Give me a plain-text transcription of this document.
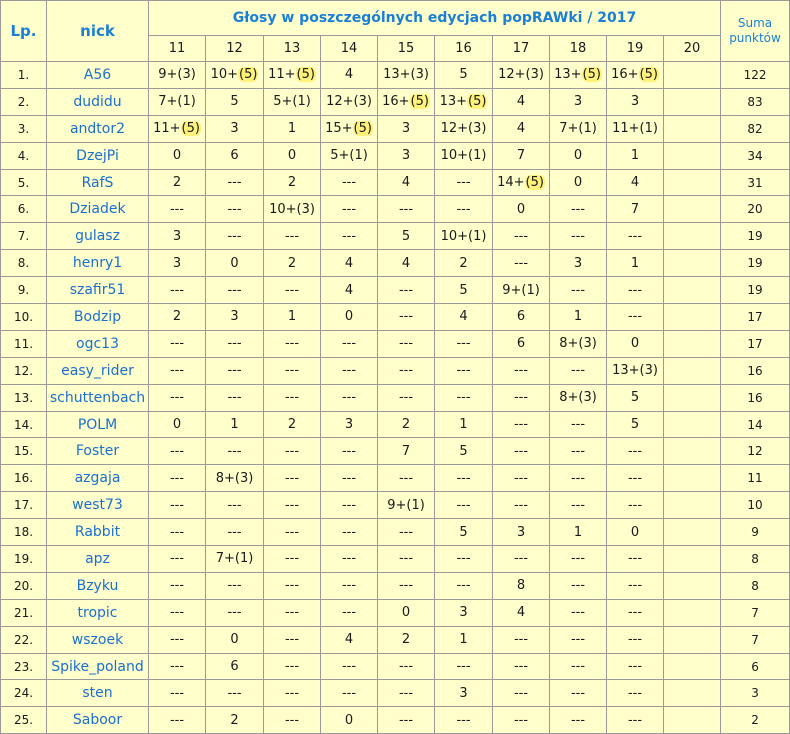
Lp.	nick	Głosy w poszczególnych edycjach popRAWki / 2017										Suma
punktów
		11	12	13	14	15	16	17	18	19	20	
1.	A56	9+(3)	10+(5)	11+(5)	4	13+(3)	5	12+(3)	13+(5)	16+(5)		122
2.	dudidu	7+(1)	5	5+(1)	12+(3)	16+(5)	13+(5)	4	3	3		83
3.	andtor2	11+(5)	3	1	15+(5)	3	12+(3)	4	7+(1)	11+(1)		82
4.	DzejPi	0	6	0	5+(1)	3	10+(1)	7	0	1		34
5.	RafS	2	---	2	---	4	---	14+(5)	0	4		31
6.	Dziadek	---	---	10+(3)	---	---	---	0	---	7		20
7.	gulasz	3	---	---	---	5	10+(1)	---	---	---		19
8.	henry1	3	0	2	4	4	2	---	3	1		19
9.	szafir51	---	---	---	4	---	5	9+(1)	---	---		19
10.	Bodzip	2	3	1	0	---	4	6	1	---		17
11.	ogc13	---	---	---	---	---	---	6	8+(3)	0		17
12.	easy_rider	---	---	---	---	---	---	---	---	13+(3)		16
13.	schuttenbach	---	---	---	---	---	---	---	8+(3)	5		16
14.	POLM	0	1	2	3	2	1	---	---	5		14
15.	Foster	---	---	---	---	7	5	---	---	---		12
16.	azgaja	---	8+(3)	---	---	---	---	---	---	---		11
17.	west73	---	---	---	---	9+(1)	---	---	---	---		10
18.	Rabbit	---	---	---	---	---	5	3	1	0		9
19.	apz	---	7+(1)	---	---	---	---	---	---	---		8
20.	Bzyku	---	---	---	---	---	---	8	---	---		8
21.	tropic	---	---	---	---	0	3	4	---	---		7
22.	wszoek	---	0	---	4	2	1	---	---	---		7
23.	Spike_poland	---	6	---	---	---	---	---	---	---		6
24.	sten	---	---	---	---	---	3	---	---	---		3
25.	Saboor	---	2	---	0	---	---	---	---	---		2
